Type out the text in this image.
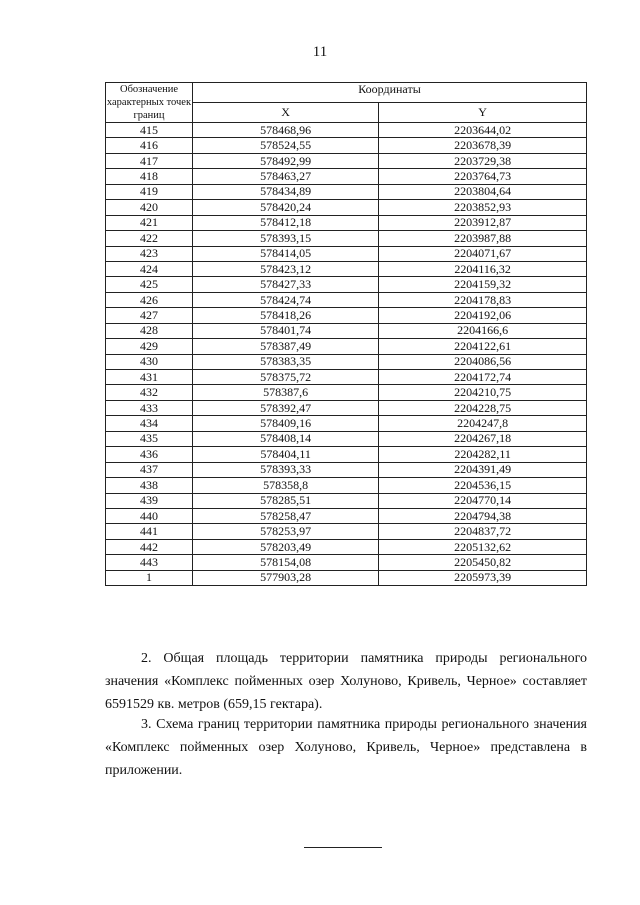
11
Обозначение характерных точек границ	Координаты	
	X	Y
415	578468,96	2203644,02
416	578524,55	2203678,39
417	578492,99	2203729,38
418	578463,27	2203764,73
419	578434,89	2203804,64
420	578420,24	2203852,93
421	578412,18	2203912,87
422	578393,15	2203987,88
423	578414,05	2204071,67
424	578423,12	2204116,32
425	578427,33	2204159,32
426	578424,74	2204178,83
427	578418,26	2204192,06
428	578401,74	2204166,6
429	578387,49	2204122,61
430	578383,35	2204086,56
431	578375,72	2204172,74
432	578387,6	2204210,75
433	578392,47	2204228,75
434	578409,16	2204247,8
435	578408,14	2204267,18
436	578404,11	2204282,11
437	578393,33	2204391,49
438	578358,8	2204536,15
439	578285,51	2204770,14
440	578258,47	2204794,38
441	578253,97	2204837,72
442	578203,49	2205132,62
443	578154,08	2205450,82
1	577903,28	2205973,39
2. Общая площадь территории памятника природы регионального значения «Комплекс пойменных озер Холуново, Кривель, Черное» составляет 6591529 кв. метров (659,15 гектара).
3. Схема границ территории памятника природы регионального значения «Комплекс пойменных озер Холуново, Кривель, Черное» представлена в приложении.
